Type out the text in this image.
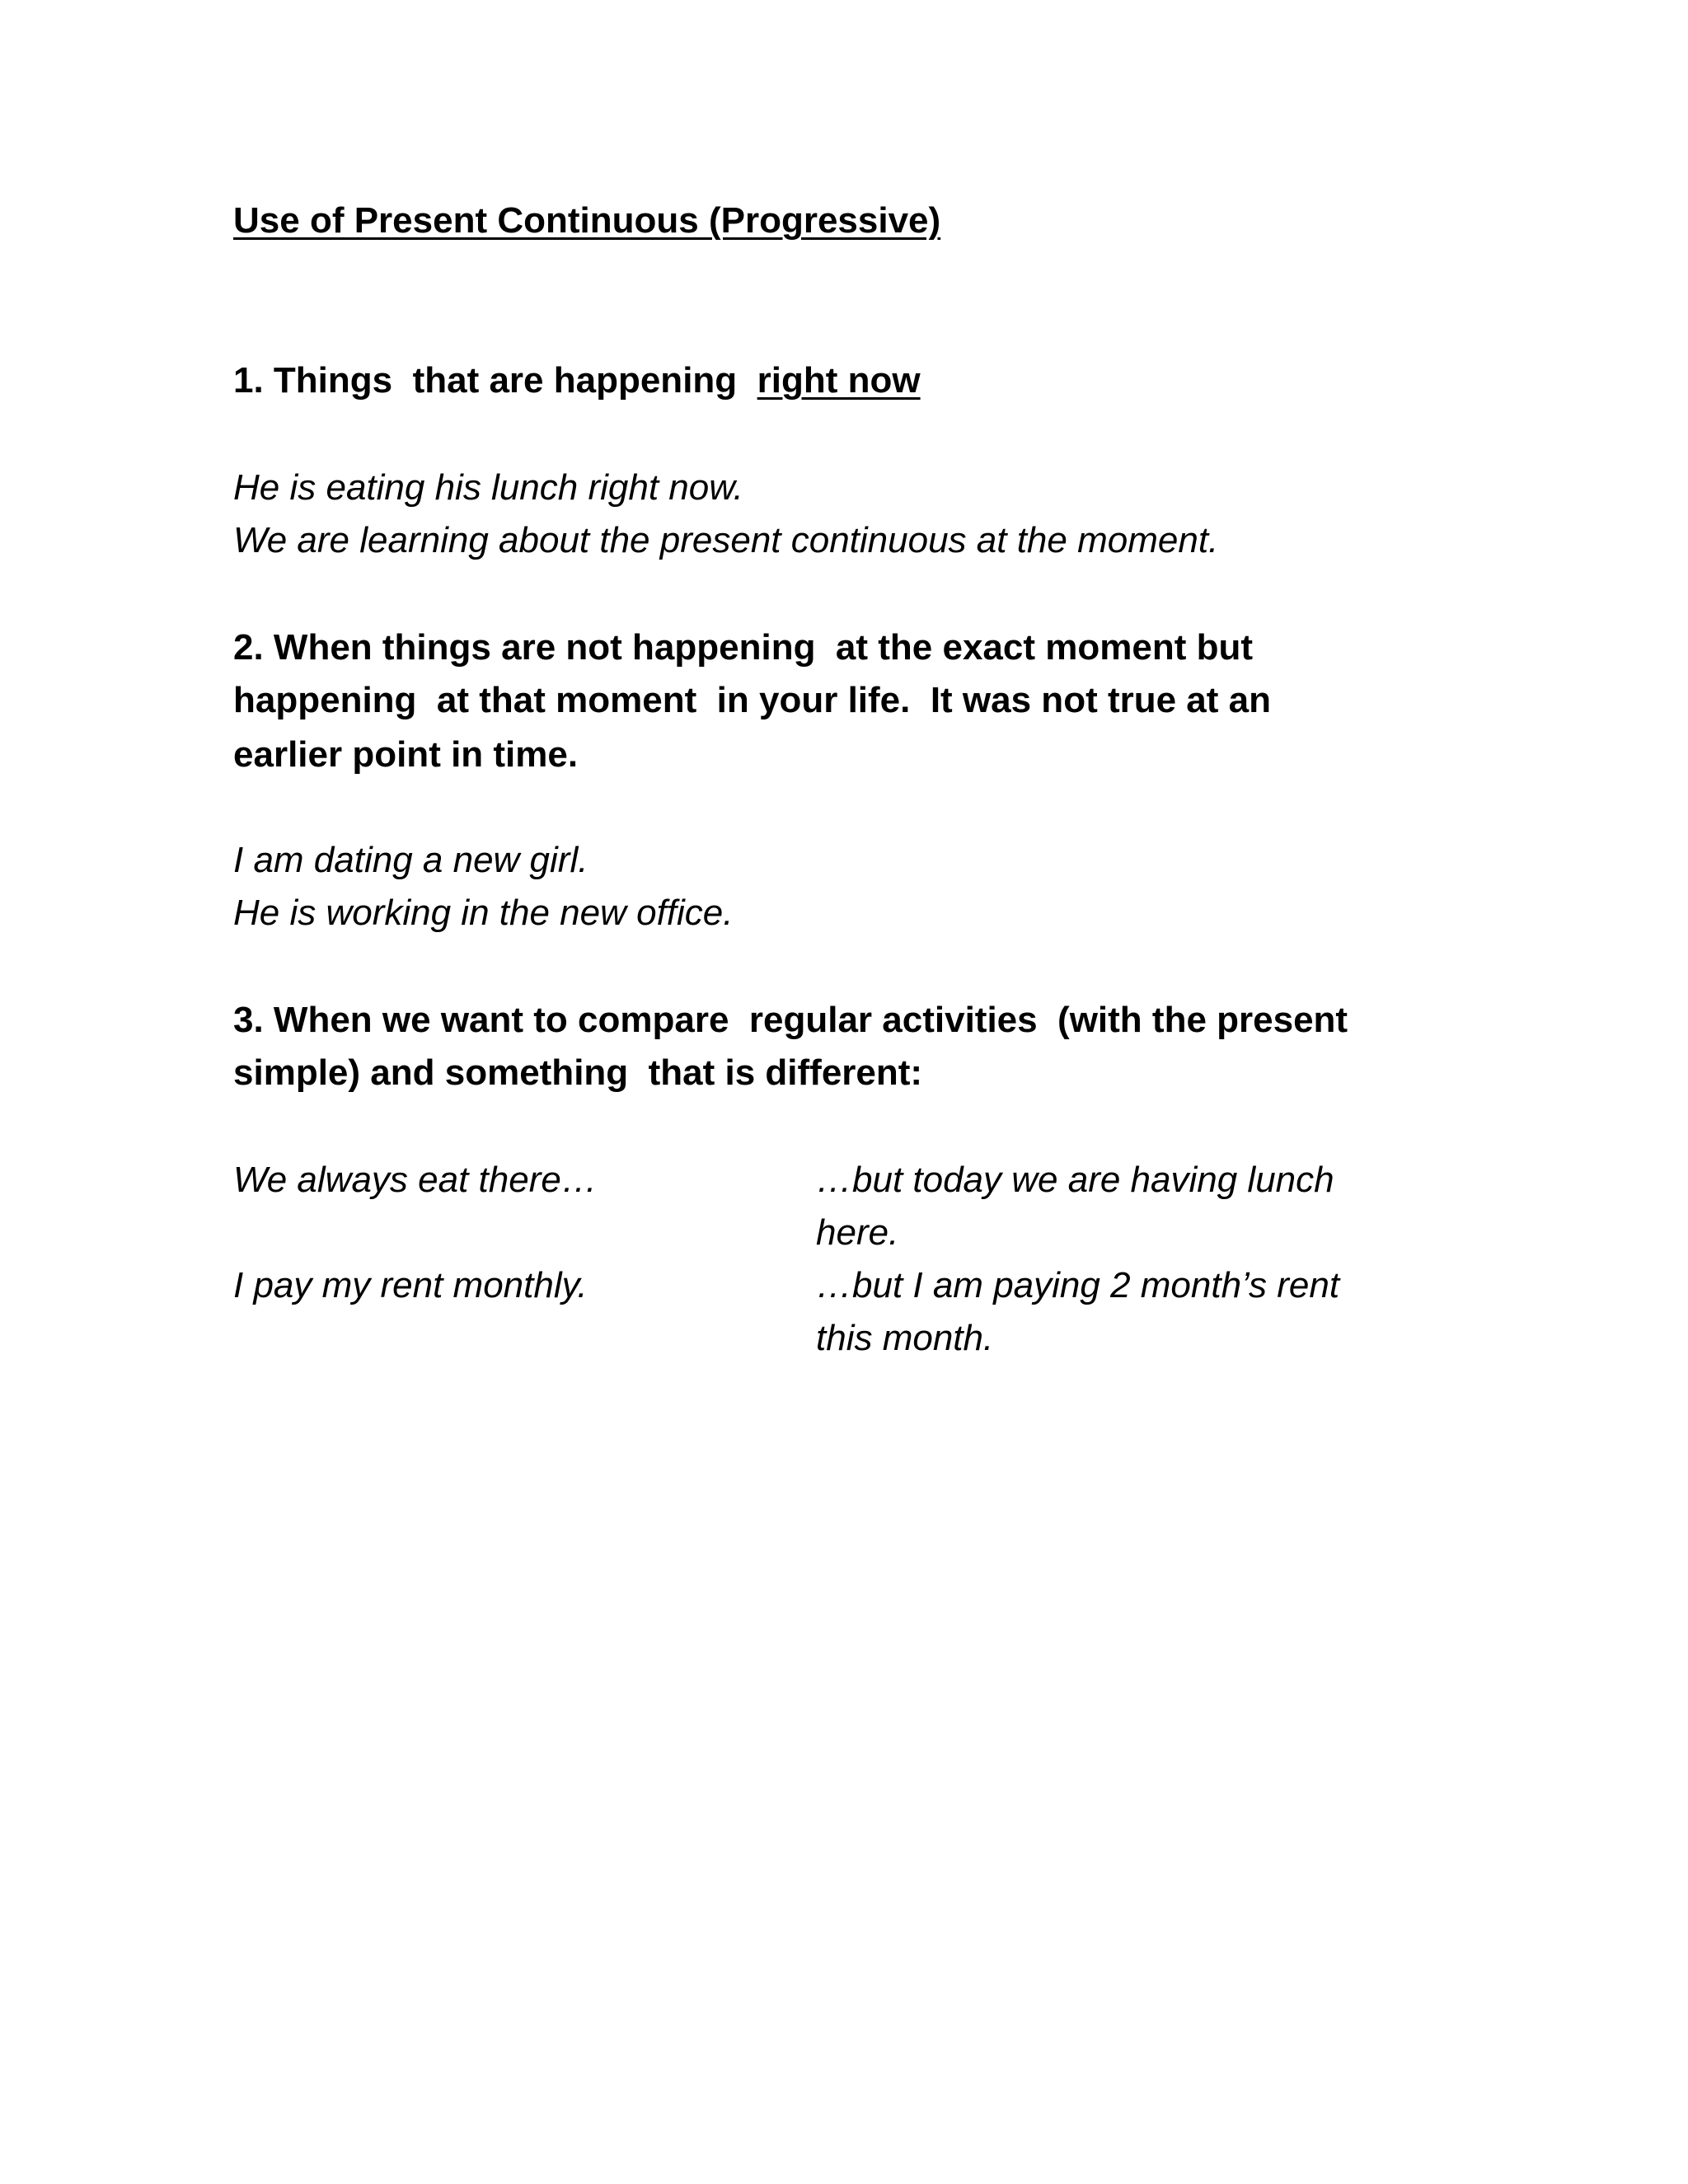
Use of Present Continuous (Progressive)

1. Things  that are happening  right now

He is eating his lunch right now.

We are learning about the present continuous at the moment.

2. When things are not happening  at the exact moment but

happening  at that moment  in your life.  It was not true at an

earlier point in time.

I am dating a new girl.

He is working in the new office.

3. When we want to compare  regular activities  (with the present

simple) and something  that is different:

We always eat there…	…but today we are having lunch

here.

I pay my rent monthly.	…but I am paying 2 month’s rent

this month.
